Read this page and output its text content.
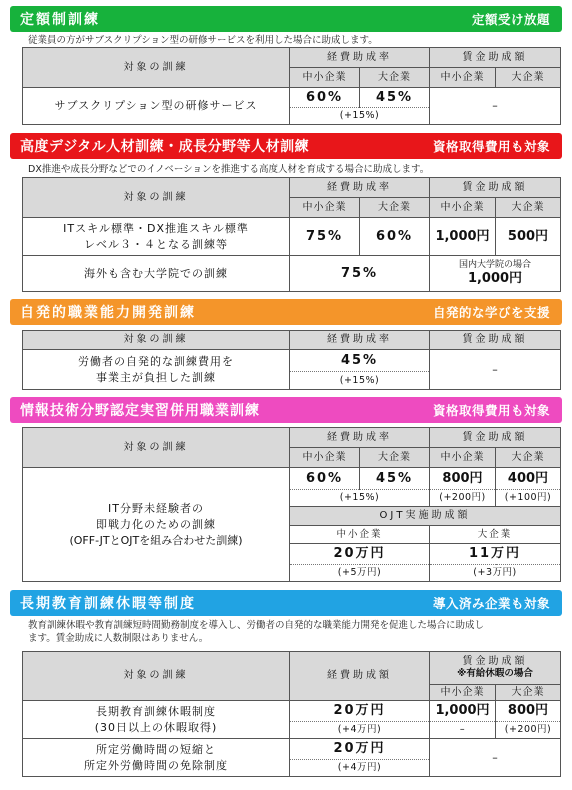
定額制訓練	定額受け放題
従業員の方がサブスクリプション型の研修サービスを利用した場合に助成します。
対象の訓練	経費助成率		賃金助成額	
	中小企業	大企業	中小企業	大企業
サブスクリプション型の研修サービス	60%	45%	–	
	(+15%)			
高度デジタル人材訓練・成長分野等人材訓練	資格取得費用も対象
DX推進や成長分野などでのイノベーションを推進する高度人材を育成する場合に助成します。
対象の訓練	経費助成率		賃金助成額	
	中小企業	大企業	中小企業	大企業
ITスキル標準・DX推進スキル標準
レベル３・４となる訓練等	75%	60%	1,000円	500円
海外も含む大学院での訓練	75%		国内大学院の場合
1,000円	
自発的職業能力開発訓練	自発的な学びを支援
対象の訓練	経費助成率	賃金助成額
労働者の自発的な訓練費用を
事業主が負担した訓練	45%	–
	(+15%)	
情報技術分野認定実習併用職業訓練	資格取得費用も対象
対象の訓練	経費助成率		賃金助成額	
	中小企業	大企業	中小企業	大企業
IT分野未経験者の
即戦力化のための訓練
(OFF-JTとOJTを組み合わせた訓練)	60%	45%	800円	400円
	(+15%)		(+200円)	(+100円)
	OJT実施助成額			
	中小企業		大企業	
	20万円		11万円	
	(+5万円)		(+3万円)	
長期教育訓練休暇等制度	導入済み企業も対象
教育訓練休暇や教育訓練短時間勤務制度を導入し、労働者の自発的な職業能力開発を促進した場合に助成し
ます。賃金助成に人数制限はありません。
対象の訓練	経費助成額	賃金助成額
※有給休暇の場合	

		中小企業	大企業
長期教育訓練休暇制度
(30日以上の休暇取得)	20万円	1,000円	800円
	(+4万円)	–	(+200円)
所定労働時間の短縮と
所定外労働時間の免除制度	20万円	–	
	(+4万円)		
